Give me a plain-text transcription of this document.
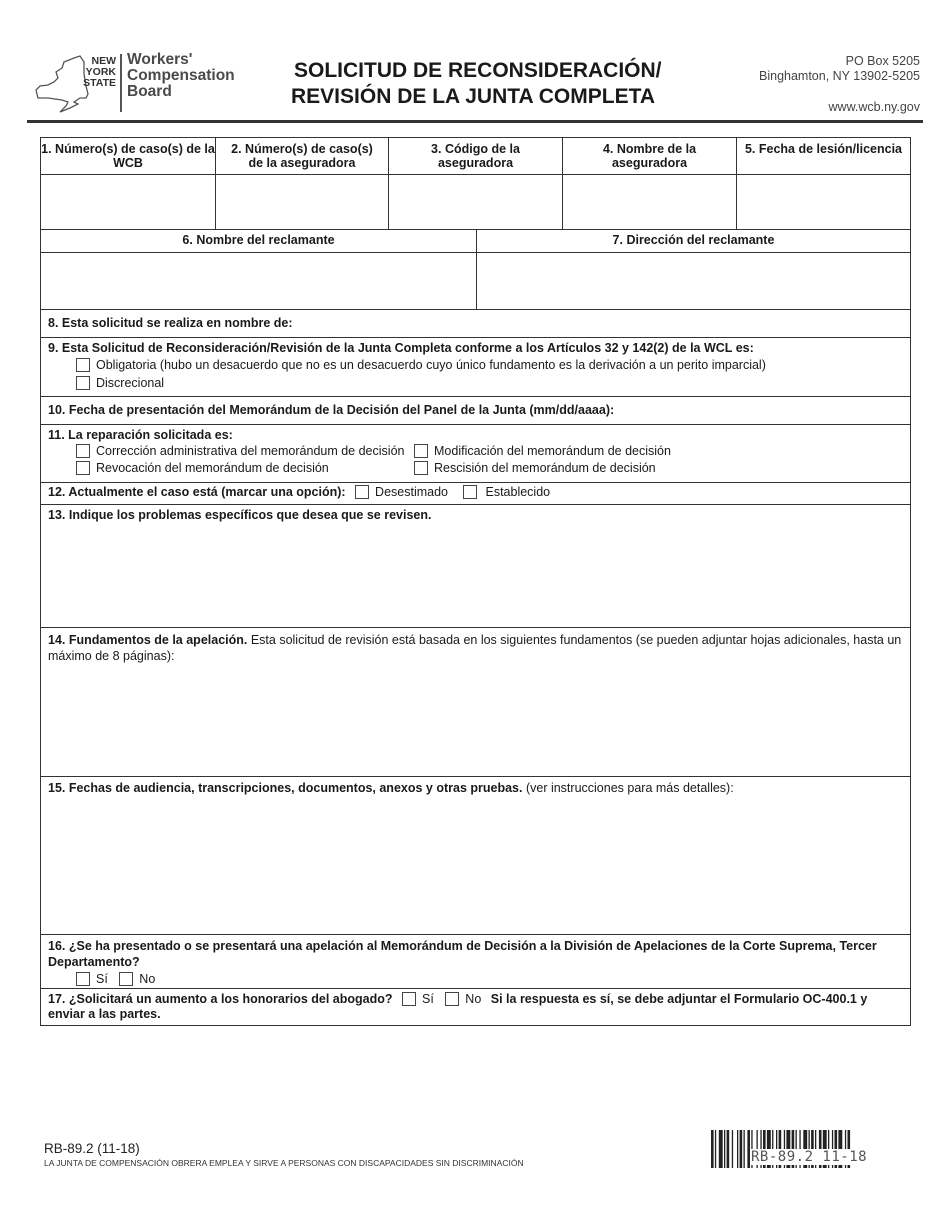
NEW
YORK
STATE
Workers'
Compensation
Board
SOLICITUD DE RECONSIDERACIÓN/
REVISIÓN DE LA JUNTA COMPLETA
PO Box 5205
Binghamton, NY 13902-5205
www.wcb.ny.gov
1. Número(s) de caso(s) de la WCB
2. Número(s) de caso(s) de la aseguradora
3. Código de la aseguradora
4. Nombre de la aseguradora
5. Fecha de lesión/licencia
6. Nombre del reclamante	7. Dirección del reclamante
8. Esta solicitud se realiza en nombre de:
9. Esta Solicitud de Reconsideración/Revisión de la Junta Completa conforme a los Artículos 32 y 142(2) de la WCL es:
Obligatoria (hubo un desacuerdo que no es un desacuerdo cuyo único fundamento es la derivación a un perito imparcial)
Discrecional
10. Fecha de presentación del Memorándum de la Decisión del Panel de la Junta (mm/dd/aaaa):
11. La reparación solicitada es:
Corrección administrativa del memorándum de decisión
Revocación del memorándum de decisión
Modificación del memorándum de decisión
Rescisión del memorándum de decisión
12. Actualmente el caso está (marcar una opción): Desestimado	Establecido
13. Indique los problemas específicos que desea que se revisen.
14. Fundamentos de la apelación. Esta solicitud de revisión está basada en los siguientes fundamentos (se pueden adjuntar hojas adicionales, hasta un máximo de 8 páginas):
15. Fechas de audiencia, transcripciones, documentos, anexos y otras pruebas. (ver instrucciones para más detalles):
16. ¿Se ha presentado o se presentará una apelación al Memorándum de Decisión a la División de Apelaciones de la Corte Suprema, Tercer Departamento?
Sí	No
17. ¿Solicitará un aumento a los honorarios del abogado? Sí	No Si la respuesta es sí, se debe adjuntar el Formulario OC-400.1 y enviar a las partes.
RB-89.2 (11-18)
LA JUNTA DE COMPENSACIÓN OBRERA EMPLEA Y SIRVE A PERSONAS CON DISCAPACIDADES SIN DISCRIMINACIÓN	RB-89.2 11-18
